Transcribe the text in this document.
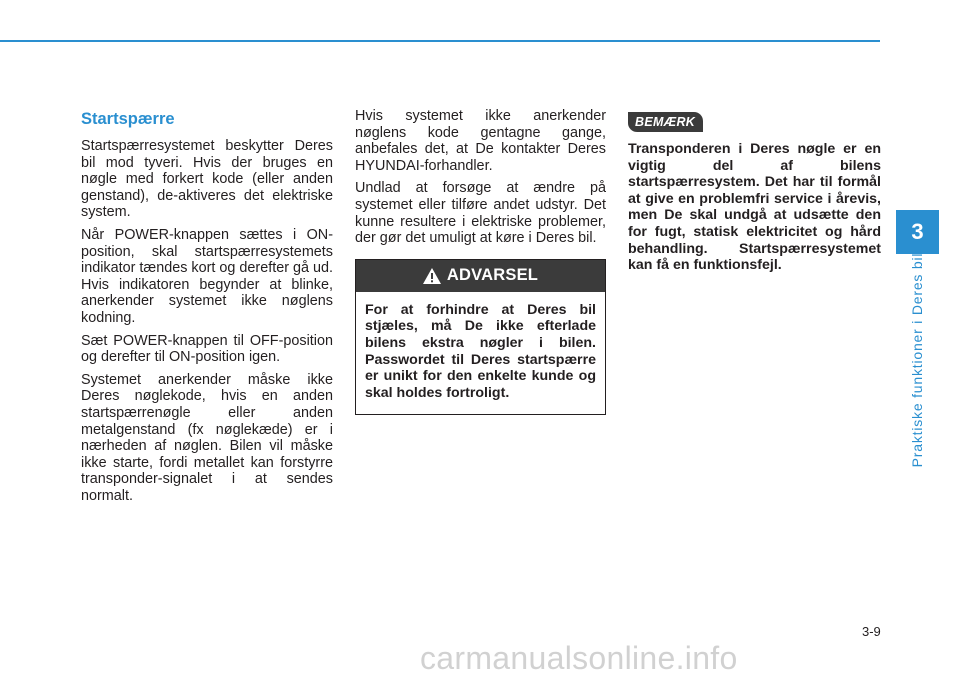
Startspærre

Startspærresystemet beskytter Deres bil mod tyveri. Hvis der bruges en nøgle med forkert kode (eller anden genstand), de-aktiveres det elektriske system.

Når POWER-knappen sættes i ON-position, skal startspærresystemets indikator tændes kort og derefter gå ud. Hvis indikatoren begynder at blinke, anerkender systemet ikke nøglens kodning.

Sæt POWER-knappen til OFF-position og derefter til ON-position igen.

Systemet anerkender måske ikke Deres nøglekode, hvis en anden startspærrenøgle eller anden metalgenstand (fx nøglekæde) er i nærheden af nøglen. Bilen vil måske ikke starte, fordi metallet kan forstyrre transponder-signalet i at sendes normalt.

Hvis systemet ikke anerkender nøglens kode gentagne gange, anbefales det, at De kontakter Deres HYUNDAI-forhandler.

Undlad at forsøge at ændre på systemet eller tilføre andet udstyr. Det kunne resultere i elektriske problemer, der gør det umuligt at køre i Deres bil.

ADVARSEL
For at forhindre at Deres bil stjæles, må De ikke efterlade bilens ekstra nøgler i bilen. Passwordet til Deres startspærre er unikt for den enkelte kunde og skal holdes fortroligt.
BEMÆRK

Transponderen i Deres nøgle er en vigtig del af bilens startspærresystem. Det har til formål at give en problemfri service i årevis, men De skal undgå at udsætte den for fugt, statisk elektricitet og hård behandling. Startspærresystemet kan få en funktionsfejl.

3
Praktiske funktioner i Deres bil
3-9
carmanualsonline.info
